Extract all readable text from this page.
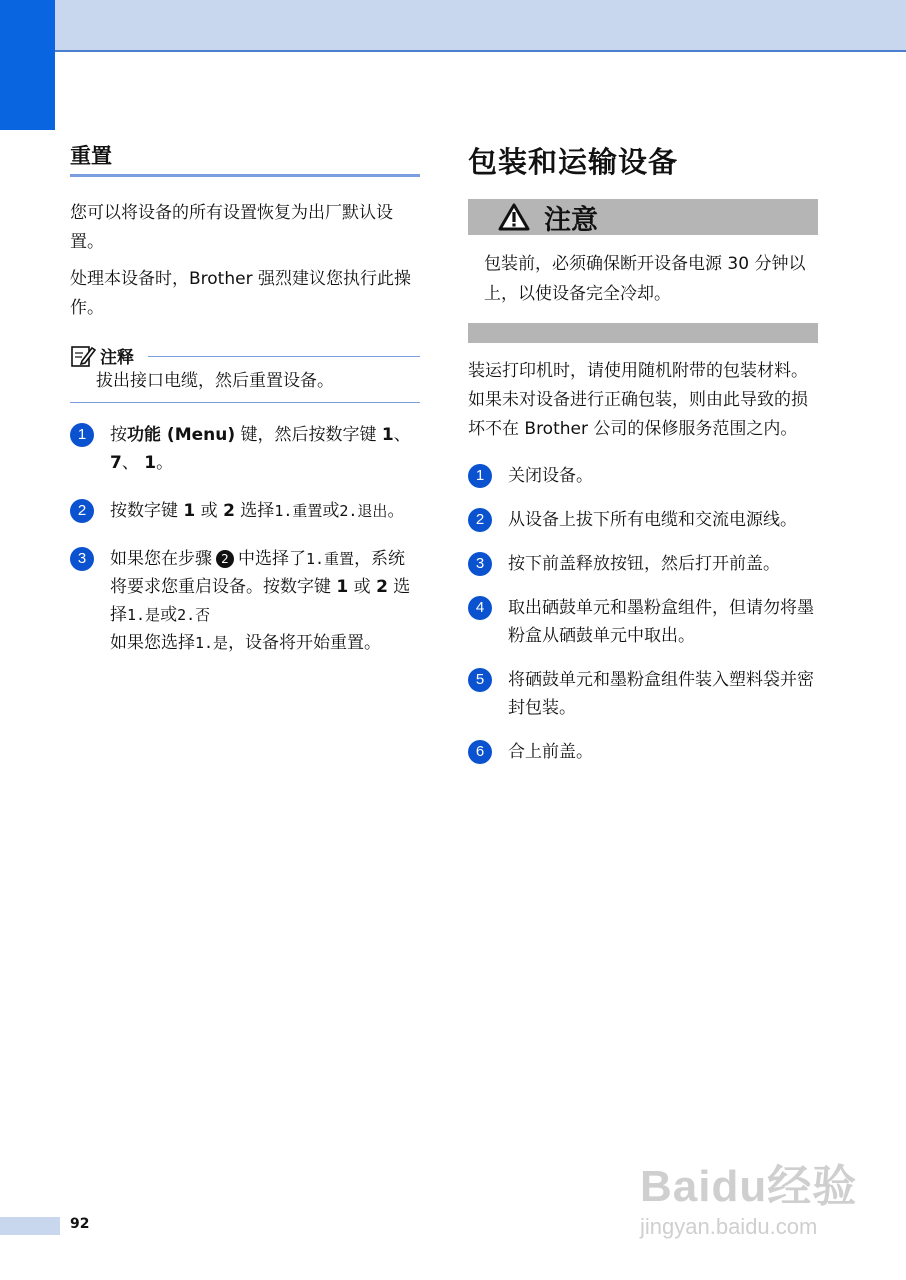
重置

您可以将设备的所有设置恢复为出厂默认设置。

处理本设备时，Brother 强烈建议您执行此操作。

注释
拔出接口电缆，然后重置设备。
1	按功能 (Menu) 键，然后按数字键 1、 7、 1。
2	按数字键 1 或 2 选择1.重置或2.退出。
3	如果您在步骤 2 中选择了1.重置，系统将要求您重启设备。按数字键 1 或 2 选择1.是或2.否
如果您选择1.是，设备将开始重置。
包装和运输设备
注意
包装前，必须确保断开设备电源 30 分钟以上，以使设备完全冷却。

装运打印机时，请使用随机附带的包装材料。如果未对设备进行正确包装，则由此导致的损坏不在 Brother 公司的保修服务范围之内。

1	关闭设备。
2	从设备上拔下所有电缆和交流电源线。
3	按下前盖释放按钮，然后打开前盖。
4	取出硒鼓单元和墨粉盒组件，但请勿将墨粉盒从硒鼓单元中取出。
5	将硒鼓单元和墨粉盒组件装入塑料袋并密封包装。
6	合上前盖。
92
Baidu经验
jingyan.baidu.com
